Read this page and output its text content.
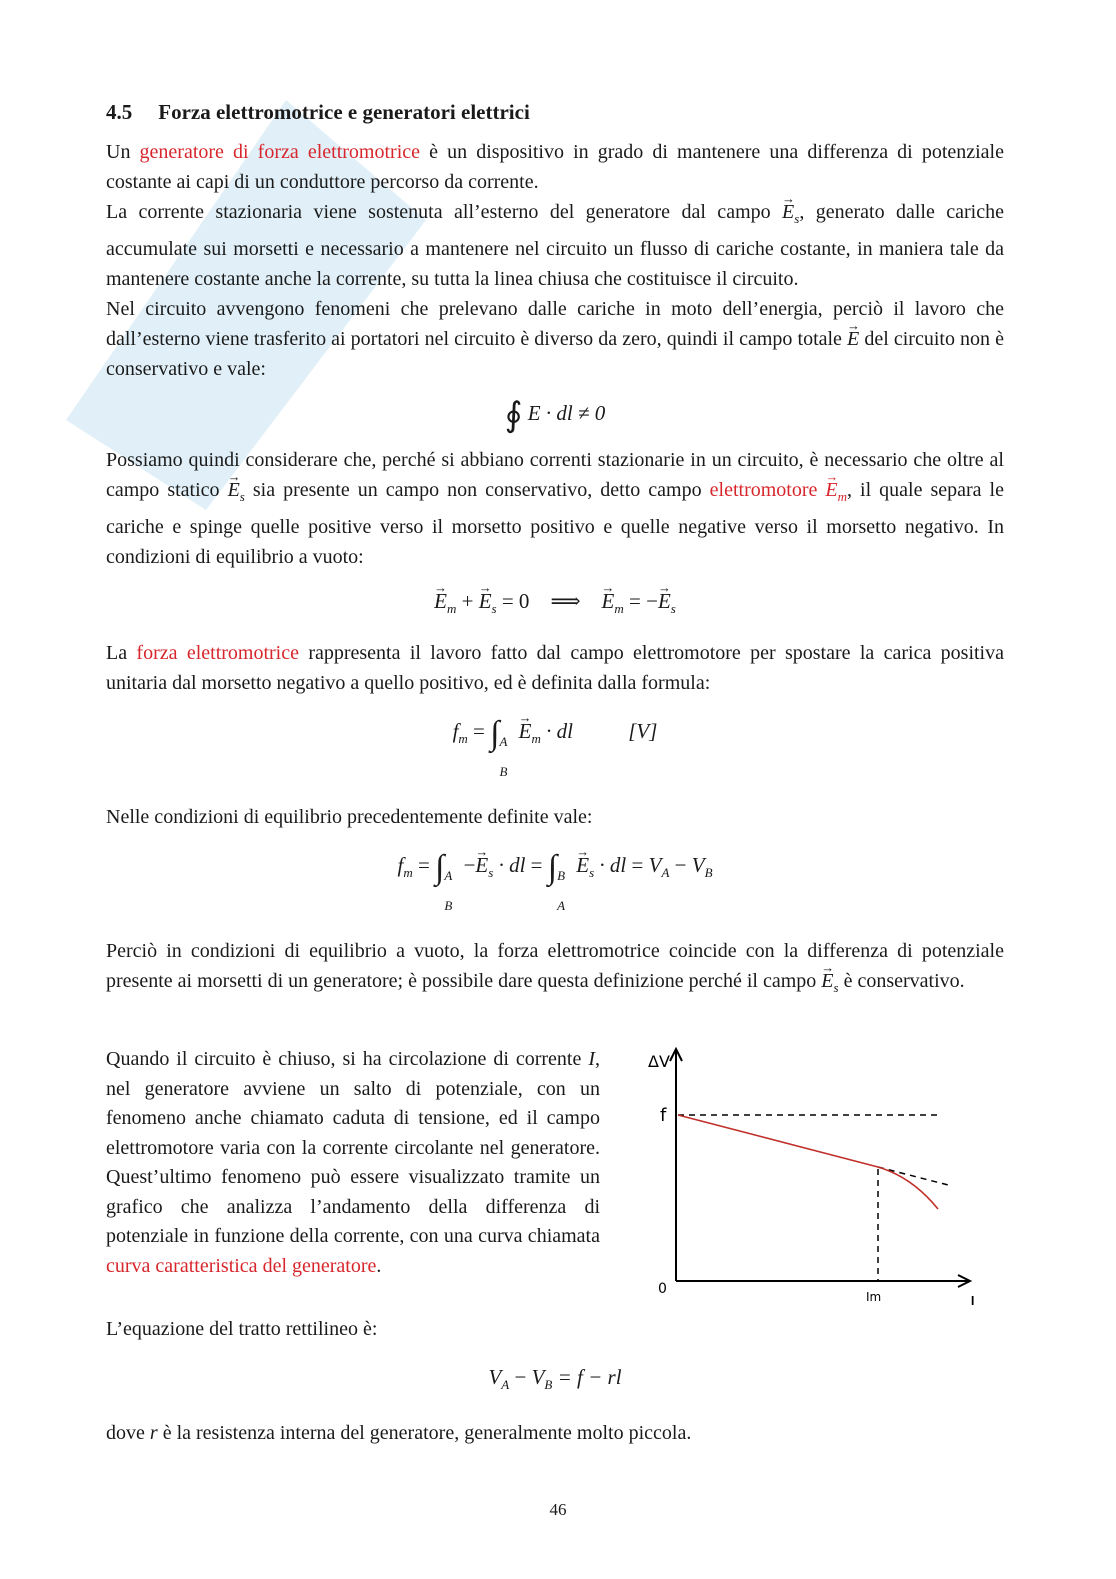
4.5 Forza elettromotrice e generatori elettrici

Un generatore di forza elettromotrice è un dispositivo in grado di mantenere una differenza di potenziale costante ai capi di un conduttore percorso da corrente.

La corrente stazionaria viene sostenuta all’esterno del generatore dal campo → $E_s$, generato dalle cariche accumulate sui morsetti e necessario a mantenere nel circuito un flusso di cariche costante, in maniera tale da mantenere costante anche la corrente, su tutta la linea chiusa che costituisce il circuito.

Nel circuito avvengono fenomeni che prelevano dalle cariche in moto dell’energia, perciò il lavoro che dall’esterno viene trasferito ai portatori nel circuito è diverso da zero, quindi il campo totale → E del circuito non è conservativo e vale:

∮ E · dl ≠ 0

Possiamo quindi considerare che, perché si abbiano correnti stazionarie in un circuito, è necessario che oltre al campo statico → $E_s$ sia presente un campo non conservativo, detto campo elettromotore → $E_m$, il quale separa le cariche e spinge quelle positive verso il morsetto positivo e quelle negative verso il morsetto negativo. In condizioni di equilibrio a vuoto:

→ $E_m$ + → $E_s = 0$ ⟹    → $E_m$ = −→ $E_s$

La forza elettromotrice rappresenta il lavoro fatto dal campo elettromotore per spostare la carica positiva unitaria dal morsetto negativo a quello positivo, ed è definita dalla formula:

$f_m$ = ∫ A
B
→ $E_m$ · dl	[V]

Nelle condizioni di equilibrio precedentemente definite vale:

$f_m$ = ∫ A
B
−→ $E_s$ · dl = ∫ B
A
→ $E_s$ · dl = $V_A - V_B$

Perciò in condizioni di equilibrio a vuoto, la forza elettromotrice coincide con la differenza di potenziale presente ai morsetti di un generatore; è possibile dare questa definizione perché il campo → $E_s$ è conservativo.

Quando il circuito è chiuso, si ha circolazione di corrente I, nel generatore avviene un salto di potenziale, con un fenomeno anche chiamato caduta di tensione, ed il campo elettromotore varia con la corrente circolante nel generatore. Quest’ultimo fenomeno può essere visualizzato tramite un grafico che analizza l’andamento della differenza di potenziale in funzione della corrente, con una curva chiamata curva caratteristica del generatore.

ΔV
f
0	Im	I

L’equazione del tratto rettilineo è:

$V_A - V_B = f$ − rl

dove r è la resistenza interna del generatore, generalmente molto piccola.

46
